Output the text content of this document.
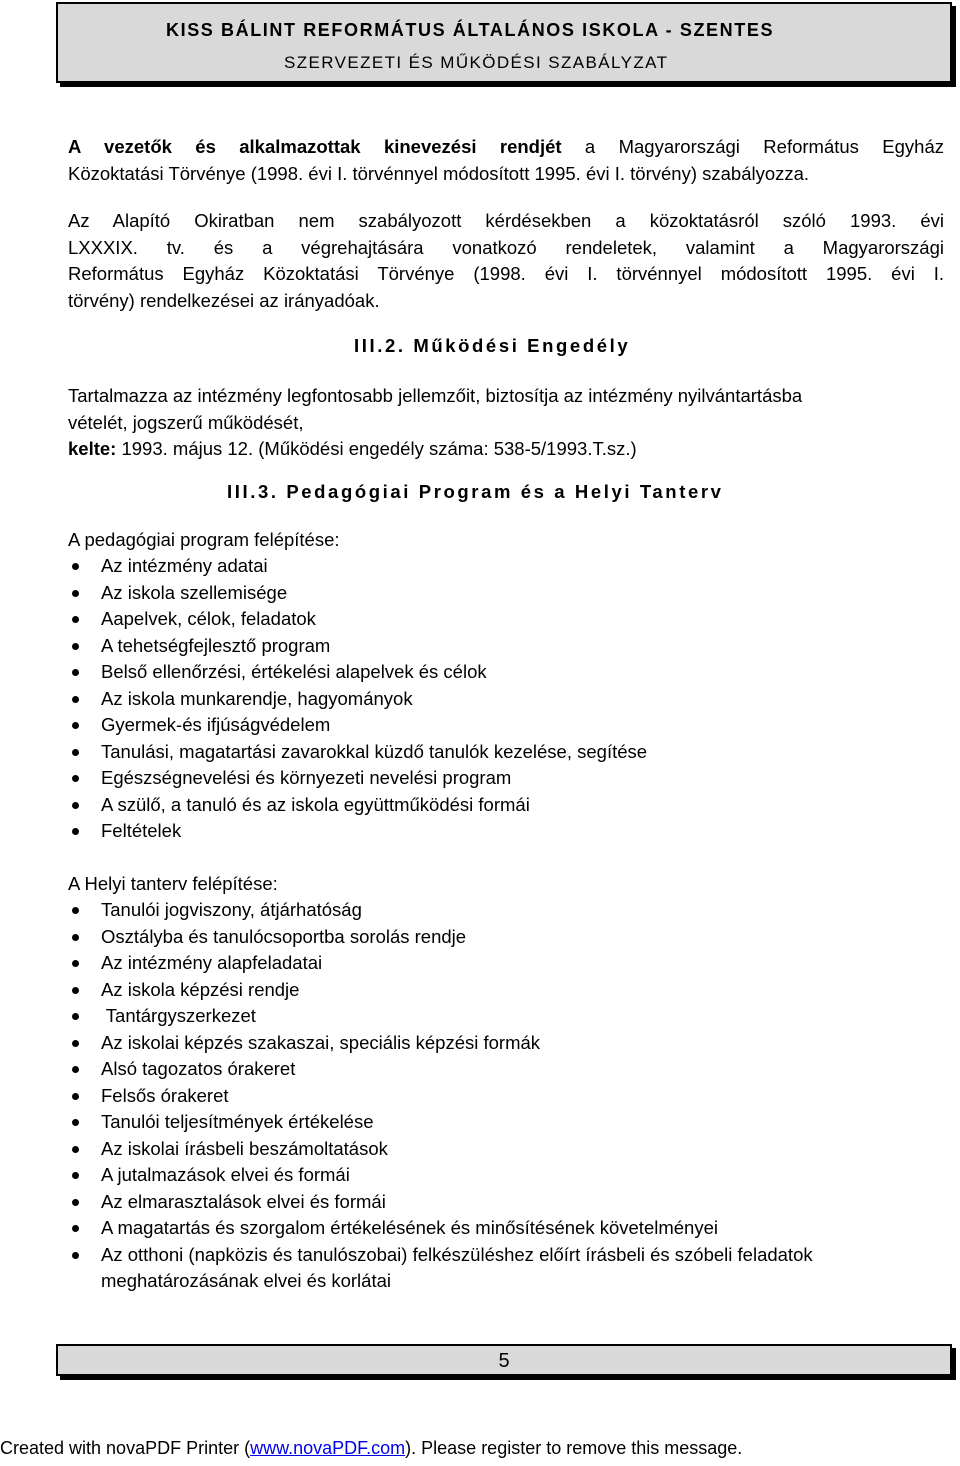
KISS BÁLINT REFORMÁTUS ÁLTALÁNOS ISKOLA - SZENTES
SZERVEZETI ÉS MŰKÖDÉSI SZABÁLYZAT
A vezetők és alkalmazottak kinevezési rendjét a Magyarországi Református Egyház
Közoktatási Törvénye (1998. évi I. törvénnyel módosított 1995. évi I. törvény) szabályozza.
Az Alapító Okiratban nem szabályozott kérdésekben a közoktatásról szóló 1993. évi
LXXXIX. tv. és a végrehajtására vonatkozó rendeletek, valamint a Magyarországi
Református Egyház Közoktatási Törvénye (1998. évi I. törvénnyel módosított 1995. évi I.
törvény) rendelkezései az irányadóak.
III.2. Működési Engedély
Tartalmazza az intézmény legfontosabb jellemzőit, biztosítja az intézmény nyilvántartásba
vételét, jogszerű működését,
kelte: 1993. május 12. (Működési engedély száma: 538-5/1993.T.sz.)
III.3. Pedagógiai Program és a Helyi Tanterv
A pedagógiai program felépítése:
Az intézmény adatai
Az iskola szellemisége
Aapelvek, célok, feladatok
A tehetségfejlesztő program
Belső ellenőrzési, értékelési alapelvek és célok
Az iskola munkarendje, hagyományok
Gyermek-és ifjúságvédelem
Tanulási, magatartási zavarokkal küzdő tanulók kezelése, segítése
Egészségnevelési és környezeti nevelési program
A szülő, a tanuló és az iskola együttműködési formái
Feltételek
A Helyi tanterv felépítése:
Tanulói jogviszony, átjárhatóság
Osztályba és tanulócsoportba sorolás rendje
Az intézmény alapfeladatai
Az iskola képzési rendje
Tantárgyszerkezet
Az iskolai képzés szakaszai, speciális képzési formák
Alsó tagozatos órakeret
Felsős órakeret
Tanulói teljesítmények értékelése
Az iskolai írásbeli beszámoltatások
A jutalmazások elvei és formái
Az elmarasztalások elvei és formái
A magatartás és szorgalom értékelésének és minősítésének követelményei
Az otthoni (napközis és tanulószobai) felkészüléshez előírt írásbeli és szóbeli feladatok
meghatározásának elvei és korlátai
5
Created with novaPDF Printer (www.novaPDF.com). Please register to remove this message.
